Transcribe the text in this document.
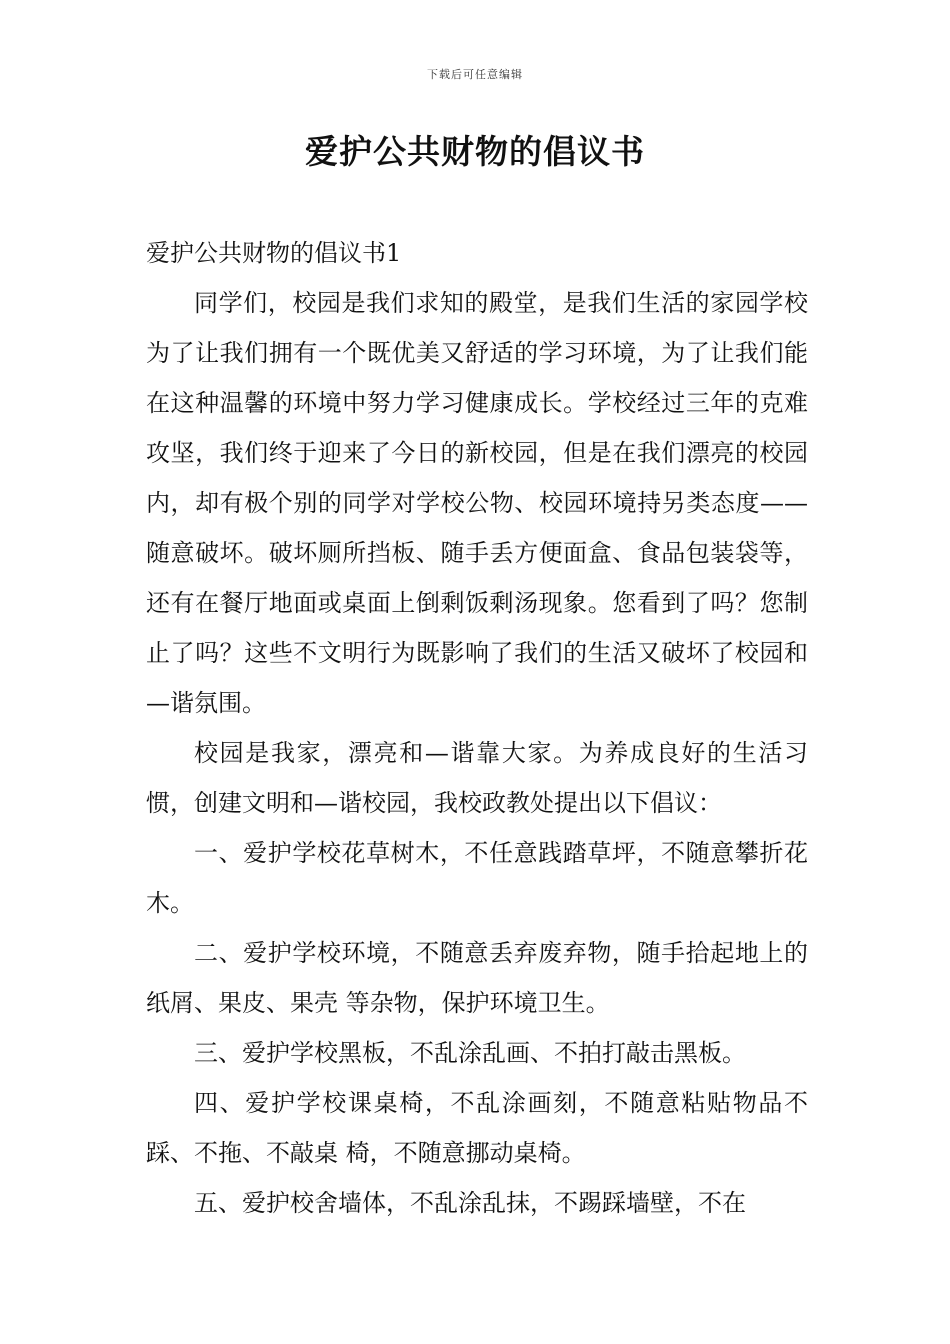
下载后可任意编辑
爱护公共财物的倡议书

爱护公共财物的倡议书1

同学们，校园是我们求知的殿堂，是我们生活的家园学校为了让我们拥有一个既优美又舒适的学习环境，为了让我们能在这种温馨的环境中努力学习健康成长。学校经过三年的克难攻坚，我们终于迎来了今日的新校园，但是在我们漂亮的校园内，却有极个别的同学对学校公物、校园环境持另类态度——随意破坏。破坏厕所挡板、随手丢方便面盒、食品包装袋等，还有在餐厅地面或桌面上倒剩饭剩汤现象。您看到了吗？您制止了吗？这些不文明行为既影响了我们的生活又破坏了校园和—谐氛围。

校园是我家，漂亮和—谐靠大家。为养成良好的生活习惯，创建文明和—谐校园，我校政教处提出以下倡议：

一、爱护学校花草树木，不任意践踏草坪，不随意攀折花木。

二、爱护学校环境，不随意丢弃废弃物，随手拾起地上的纸屑、果皮、果壳 等杂物，保护环境卫生。

三、爱护学校黑板，不乱涂乱画、不拍打敲击黑板。

四、爱护学校课桌椅，不乱涂画刻，不随意粘贴物品不踩、不拖、不敲桌 椅，不随意挪动桌椅。

五、爱护校舍墙体，不乱涂乱抹，不踢踩墙壁，不在
